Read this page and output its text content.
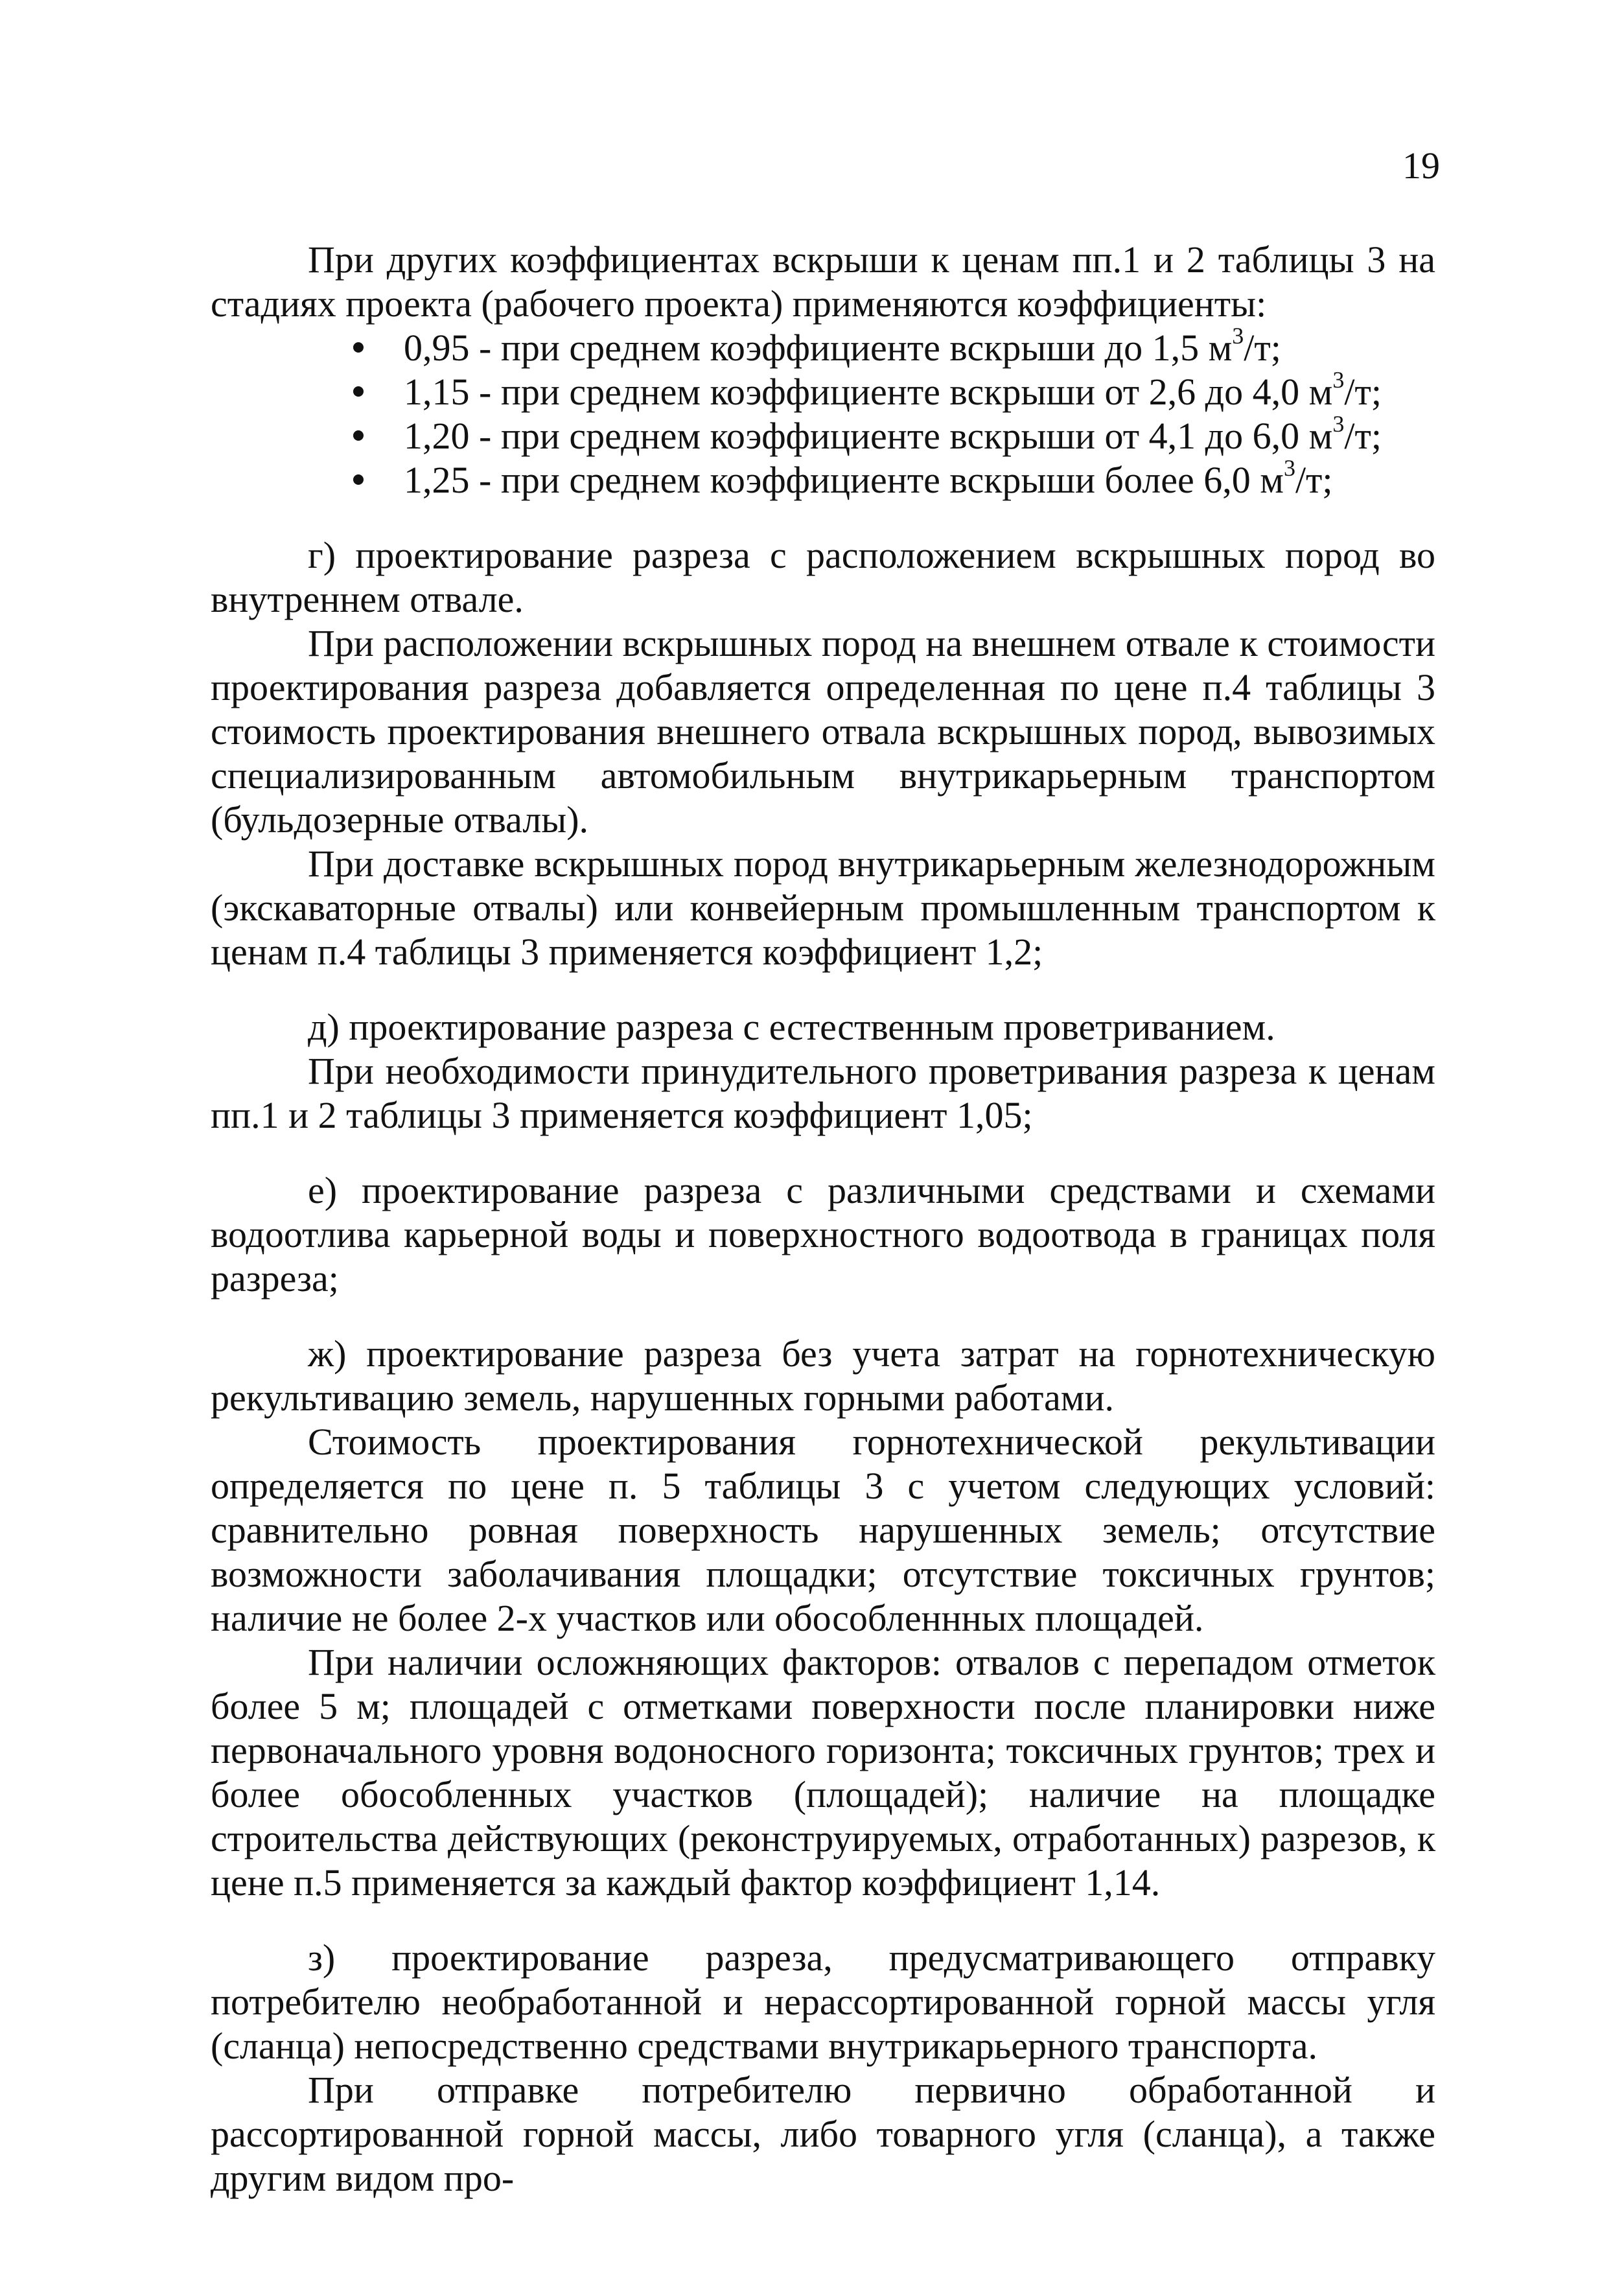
19

При других коэффициентах вскрыши к ценам пп.1 и 2 таблицы 3 на стадиях проекта (рабочего проекта) применяются коэффициенты:

0,95 - при среднем коэффициенте вскрыши до 1,5 $м^3/т$;
1,15 - при среднем коэффициенте вскрыши от 2,6 до 4,0 $м^3/т$;
1,20 - при среднем коэффициенте вскрыши от 4,1 до 6,0 $м^3/т$;
1,25 - при среднем коэффициенте вскрыши более 6,0 $м^3/т$;

г) проектирование разреза с расположением вскрышных пород во внутреннем отвале.

При расположении вскрышных пород на внешнем отвале к стоимости проектирования разреза добавляется определенная по цене п.4 таблицы 3 стоимость проектирования внешнего отвала вскрышных пород, вывозимых специализированным автомобильным внутрикарьерным транспортом (бульдозерные отвалы).

При доставке вскрышных пород внутрикарьерным железнодорожным (экскаваторные отвалы) или конвейерным промышленным транспортом к ценам п.4 таблицы 3 применяется коэффициент 1,2;

д) проектирование разреза с естественным проветриванием.

При необходимости принудительного проветривания разреза к ценам пп.1 и 2 таблицы 3 применяется коэффициент 1,05;

е) проектирование разреза с различными средствами и схемами водоотлива карьерной воды и поверхностного водоотвода в границах поля разреза;

ж) проектирование разреза без учета затрат на горнотехническую рекультивацию земель, нарушенных горными работами.

Стоимость проектирования горнотехнической рекультивации определяется по цене п. 5 таблицы 3 с учетом следующих условий: сравнительно ровная поверхность нарушенных земель; отсутствие возможности заболачивания площадки; отсутствие токсичных грунтов; наличие не более 2-х участков или обособленнных площадей.

При наличии осложняющих факторов: отвалов с перепадом отметок более 5 м; площадей с отметками поверхности после планировки ниже первоначального уровня водоносного горизонта; токсичных грунтов; трех и более обособленных участков (площадей); наличие на площадке строительства действующих (реконструируемых, отработанных) разрезов, к цене п.5 применяется за каждый фактор коэффициент 1,14.

з) проектирование разреза, предусматривающего отправку потребителю необработанной и нерассортированной горной массы угля (сланца) непосредственно средствами внутрикарьерного транспорта.

При отправке потребителю первично обработанной и рассортированной горной массы, либо товарного угля (сланца), а также другим видом про-
